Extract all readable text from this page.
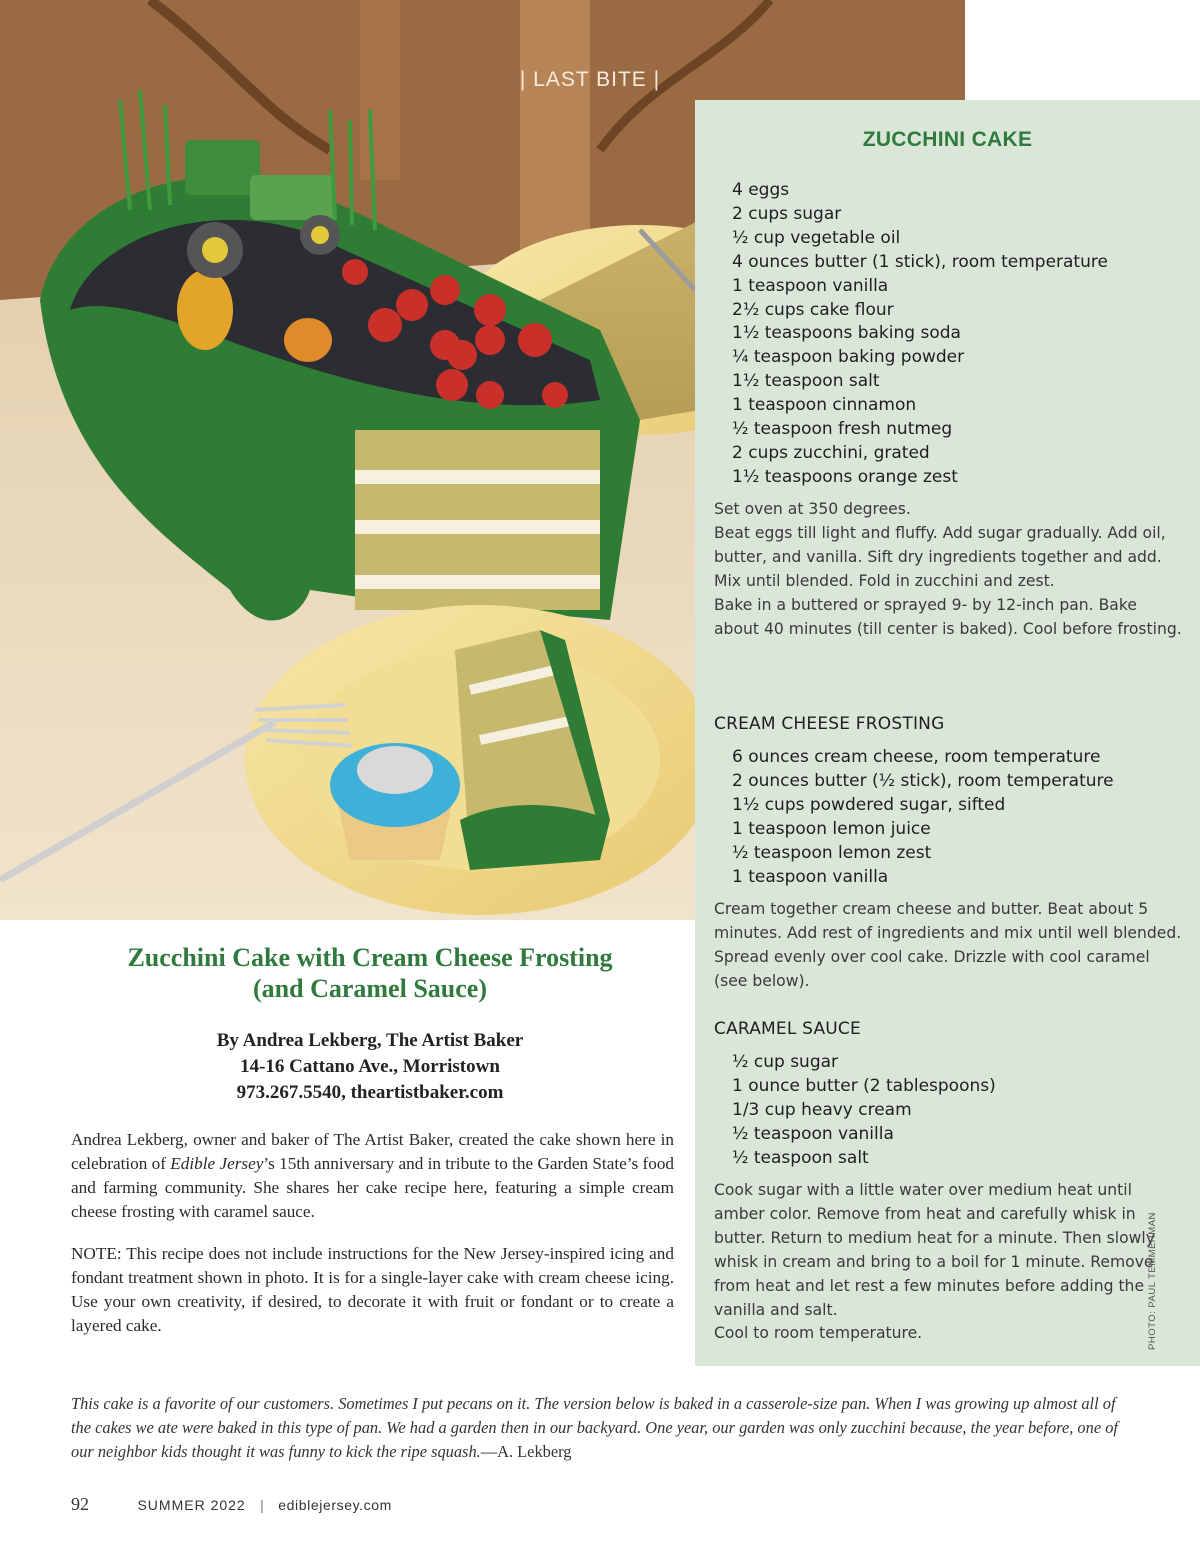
| LAST BITE |
ZUCCHINI CAKE
4 eggs
2 cups sugar
½ cup vegetable oil
4 ounces butter (1 stick), room temperature
1 teaspoon vanilla
2½ cups cake flour
1½ teaspoons baking soda
¼ teaspoon baking powder
1½ teaspoon salt
1 teaspoon cinnamon
½ teaspoon fresh nutmeg
2 cups zucchini, grated
1½ teaspoons orange zest

Set oven at 350 degrees.
Beat eggs till light and fluffy. Add sugar gradually. Add oil, butter, and vanilla. Sift dry ingredients together and add. Mix until blended. Fold in zucchini and zest.
Bake in a buttered or sprayed 9- by 12-inch pan. Bake about 40 minutes (till center is baked). Cool before frosting.

CREAM CHEESE FROSTING
6 ounces cream cheese, room temperature
2 ounces butter (½ stick), room temperature
1½ cups powdered sugar, sifted
1 teaspoon lemon juice
½ teaspoon lemon zest
1 teaspoon vanilla

Cream together cream cheese and butter. Beat about 5 minutes. Add rest of ingredients and mix until well blended. Spread evenly over cool cake. Drizzle with cool caramel (see below).

CARAMEL SAUCE
½ cup sugar
1 ounce butter (2 tablespoons)
1/3 cup heavy cream
½ teaspoon vanilla
½ teaspoon salt

Cook sugar with a little water over medium heat until amber color. Remove from heat and carefully whisk in butter. Return to medium heat for a minute. Then slowly whisk in cream and bring to a boil for 1 minute. Remove from heat and let rest a few minutes before adding the vanilla and salt.
Cool to room temperature.	PHOTO: PAUL TEMMERMAN
Zucchini Cake with Cream Cheese Frosting
(and Caramel Sauce)
By Andrea Lekberg, The Artist Baker
14-16 Cattano Ave., Morristown
973.267.5540, theartistbaker.com

Andrea Lekberg, owner and baker of The Artist Baker, created the cake shown here in celebration of Edible Jersey’s 15th anniversary and in tribute to the Garden State’s food and farming community. She shares her cake recipe here, featuring a simple cream cheese frosting with caramel sauce.

NOTE: This recipe does not include instructions for the New Jersey-inspired icing and fondant treatment shown in photo. It is for a single-layer cake with cream cheese icing. Use your own creativity, if desired, to decorate it with fruit or fondant or to create a layered cake.

This cake is a favorite of our customers. Sometimes I put pecans on it. The version below is baked in a casserole-size pan. When I was growing up almost all of the cakes we ate were baked in this type of pan. We had a garden then in our backyard. One year, our garden was only zucchini because, the year before, one of our neighbor kids thought it was funny to kick the ripe squash.—A. Lekberg

92	SUMMER 2022 | ediblejersey.com
